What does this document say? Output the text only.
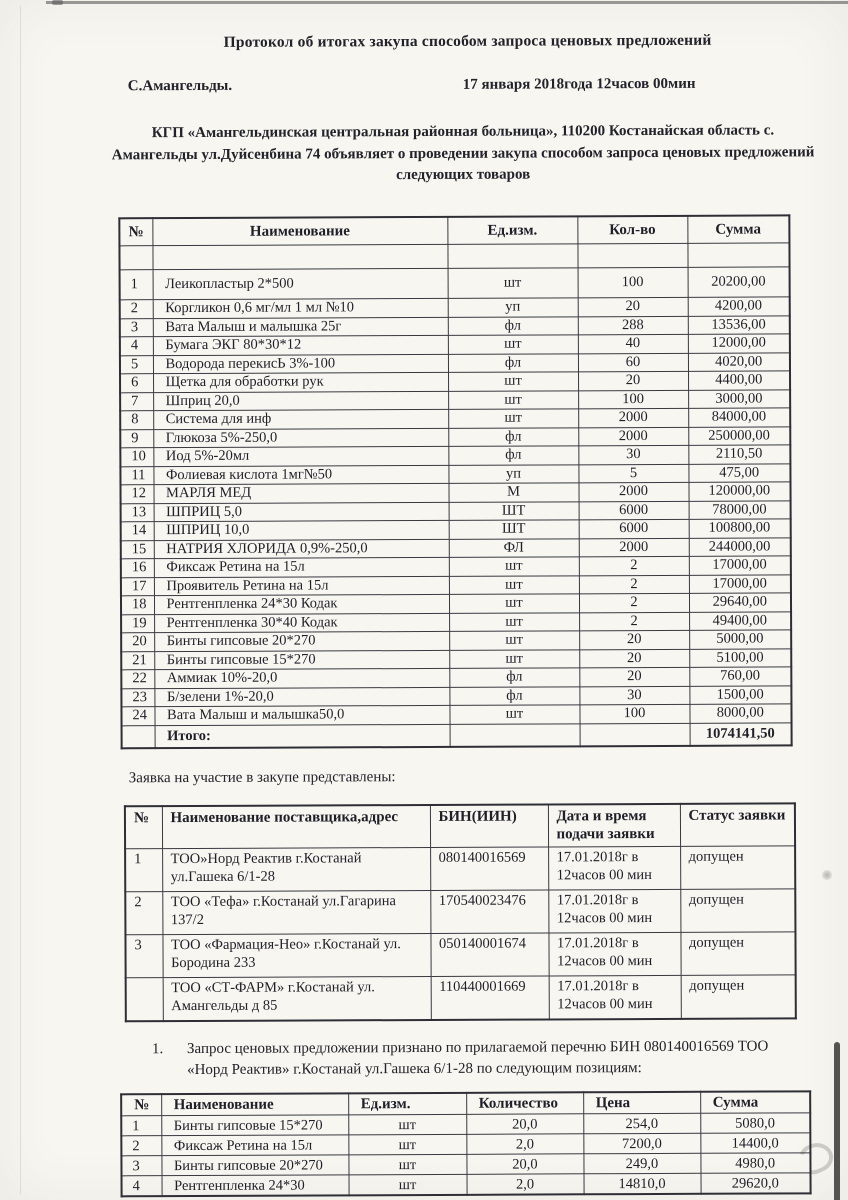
Протокол об итогах закупа способом запроса ценовых предложений
С.Амангельды.	17 января 2018года 12часов 00мин

КГП «Амангельдинская центральная районная больница», 110200 Костанайская область с. Амангельды ул.Дуйсенбина 74 объявляет о проведении закупа способом запроса ценовых предложений следующих товаров

№	Наименование	Ед.изм.	Кол-во	Сумма

1	Леикопластыр 2*500	шт	100	20200,00
2	Коргликон 0,6 мг/мл 1 мл №10	уп	20	4200,00
3	Вата Малыш и малышка 25г	фл	288	13536,00
4	Бумага ЭКГ 80*30*12	шт	40	12000,00
5	Водорода перекисЬ 3%-100	фл	60	4020,00
6	Щетка для обработки рук	шт	20	4400,00
7	Шприц 20,0	шт	100	3000,00
8	Система для инф	шт	2000	84000,00
9	Глюкоза 5%-250,0	фл	2000	250000,00
10	Иод 5%-20мл	фл	30	2110,50
11	Фолиевая кислота 1мг№50	уп	5	475,00
12	МАРЛЯ МЕД	М	2000	120000,00
13	ШПРИЦ 5,0	ШТ	6000	78000,00
14	ШПРИЦ 10,0	ШТ	6000	100800,00
15	НАТРИЯ ХЛОРИДА 0,9%-250,0	ФЛ	2000	244000,00
16	Фиксаж Ретина на 15л	шт	2	17000,00
17	Проявитель Ретина на 15л	шт	2	17000,00
18	Рентгенпленка 24*30 Кодак	шт	2	29640,00
19	Рентгенпленка 30*40 Кодак	шт	2	49400,00
20	Бинты гипсовые 20*270	шт	20	5000,00
21	Бинты гипсовые 15*270	шт	20	5100,00
22	Аммиак 10%-20,0	фл	20	760,00
23	Б/зелени 1%-20,0	фл	30	1500,00
24	Вата Малыш и малышка50,0	шт	100	8000,00
	Итого:			1074141,50

Заявка на участие в закупе представлены:

№	Наименование поставщика,адрес	БИН(ИИН)	Дата и время подачи заявки	Статус заявки
1	ТОО»Норд Реактив г.Костанай ул.Гашека 6/1-28	080140016569	17.01.2018г в 12часов 00 мин	допущен
2	ТОО «Тефа» г.Костанай ул.Гагарина 137/2	170540023476	17.01.2018г в 12часов 00 мин	допущен
3	ТОО «Фармация-Нео» г.Костанай ул. Бородина 233	050140001674	17.01.2018г в 12часов 00 мин	допущен
	ТОО «СТ-ФАРМ» г.Костанай ул. Амангельды д 85	110440001669	17.01.2018г в 12часов 00 мин	допущен
1.	Запрос ценовых предложении признано по прилагаемой перечню БИН 080140016569 ТОО «Норд Реактив» г.Костанай ул.Гашека 6/1-28 по следующим позициям:
№	Наименование	Ед.изм.	Количество	Цена	Сумма
1	Бинты гипсовые 15*270	шт	20,0	254,0	5080,0
2	Фиксаж Ретина на 15л	шт	2,0	7200,0	14400,0
3	Бинты гипсовые 20*270	шт	20,0	249,0	4980,0
4	Рентгенпленка 24*30	шт	2,0	14810,0	29620,0
